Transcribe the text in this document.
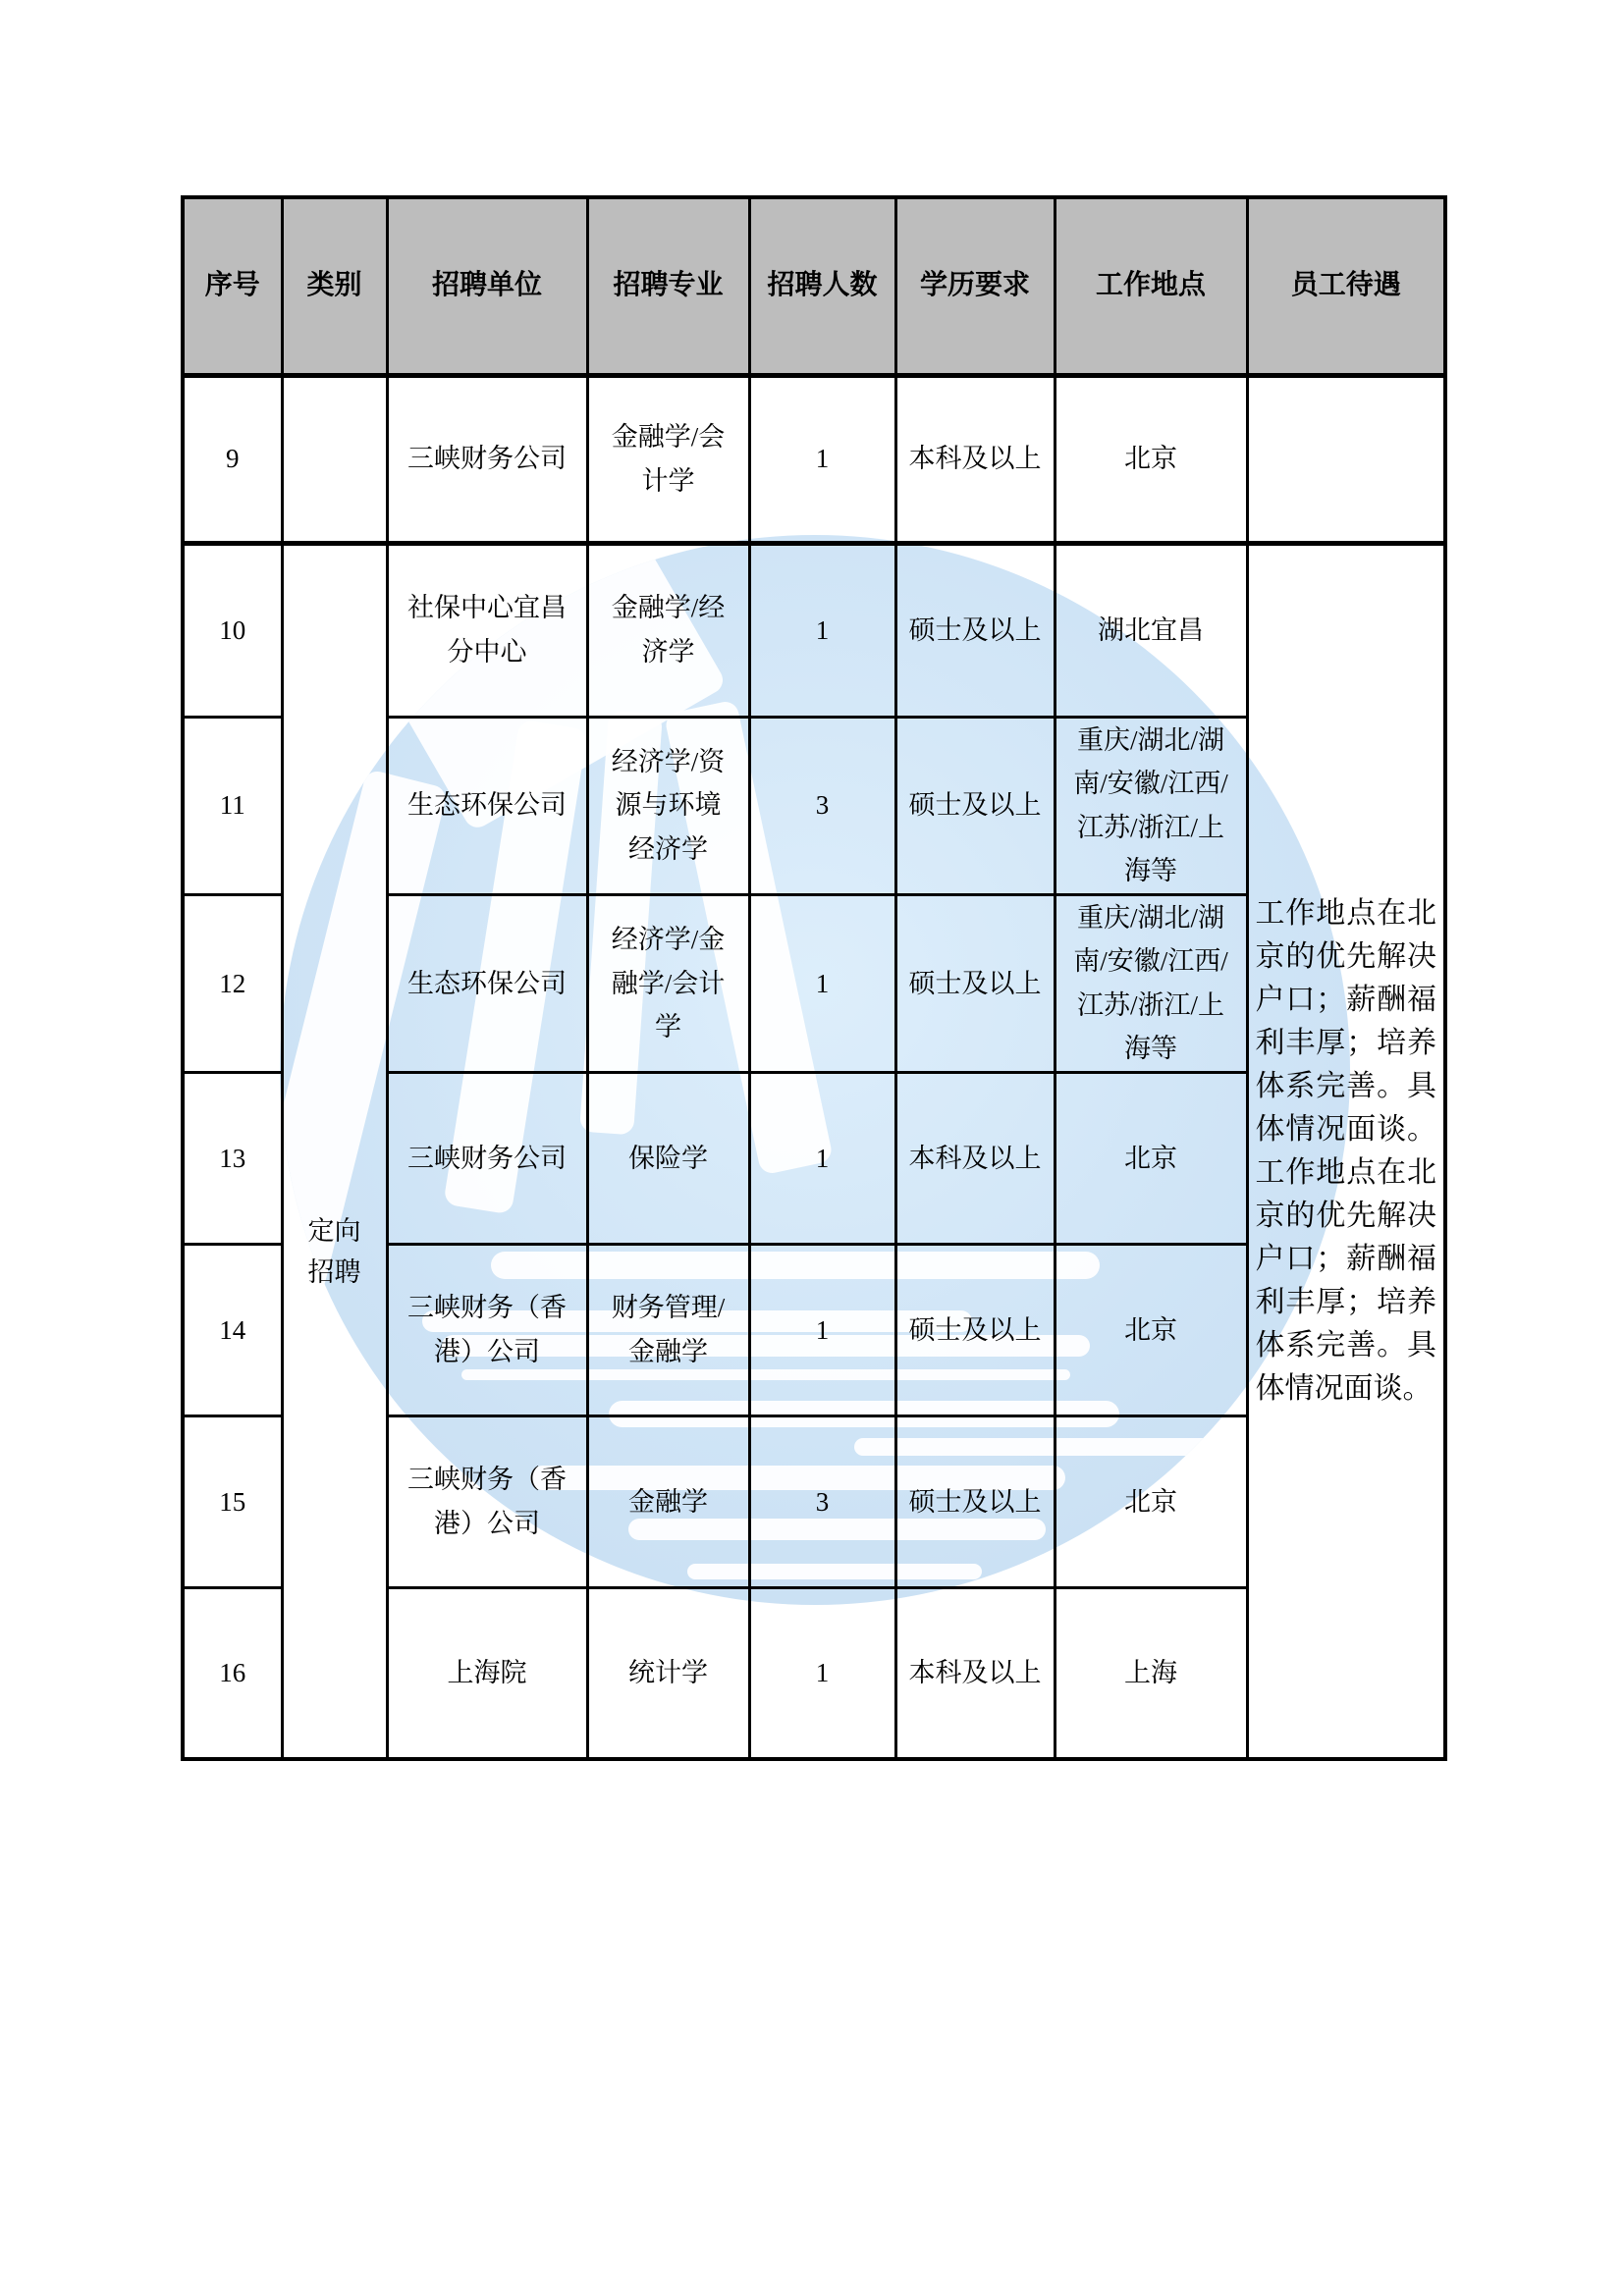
序号	类别	招聘单位	招聘专业	招聘人数	学历要求	工作地点	员工待遇
9		三峡财务公司	金融学/会计学	1	本科及以上	北京	
10	定向招聘	社保中心宜昌分中心	金融学/经济学	1	硕士及以上	湖北宜昌	工作地点在北京的优先解决户口；薪酬福利丰厚；培养体系完善。具体情况面谈。工作地点在北京的优先解决户口；薪酬福利丰厚；培养体系完善。具体情况面谈。
11		生态环保公司	经济学/资源与环境经济学	3	硕士及以上	重庆/湖北/湖南/安徽/江西/江苏/浙江/上海等	
12		生态环保公司	经济学/金融学/会计学	1	硕士及以上	重庆/湖北/湖南/安徽/江西/江苏/浙江/上海等	
13		三峡财务公司	保险学	1	本科及以上	北京	
14		三峡财务（香港）公司	财务管理/金融学	1	硕士及以上	北京	
15		三峡财务（香港）公司	金融学	3	硕士及以上	北京	
16		上海院	统计学	1	本科及以上	上海	
